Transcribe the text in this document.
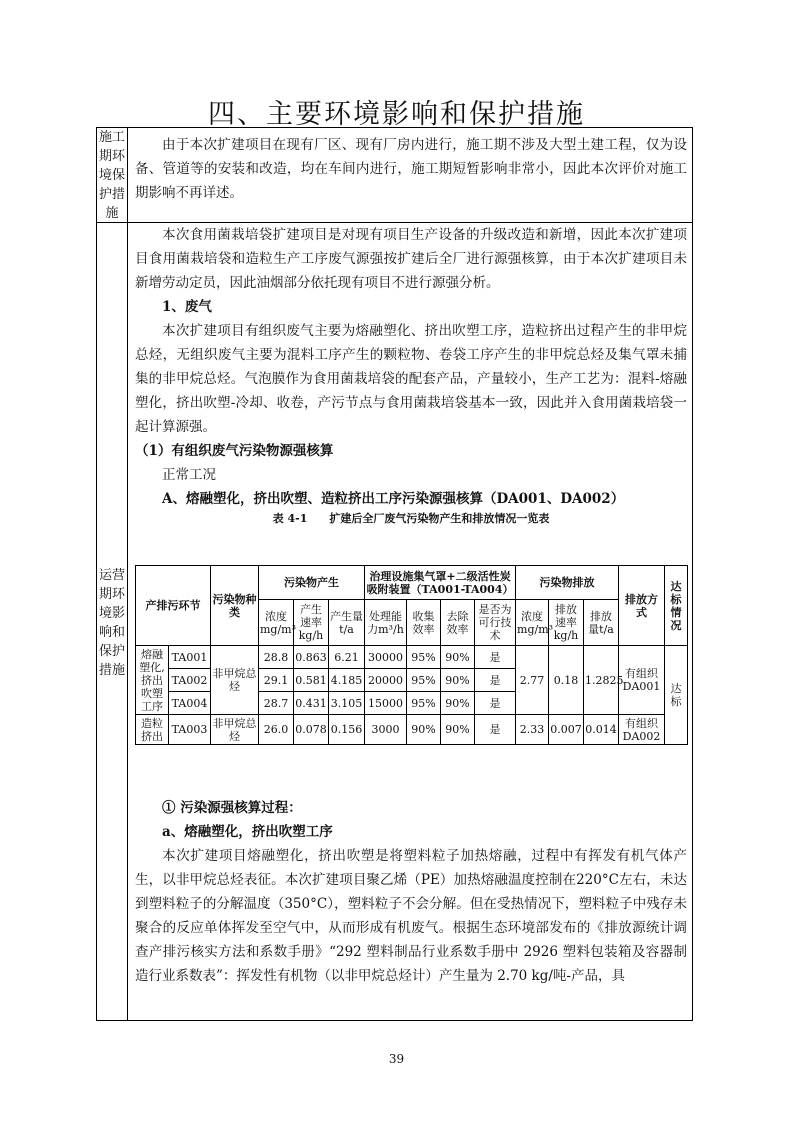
四、主要环境影响和保护措施
施工
期环
境保
护措
施

由于本次扩建项目在现有厂区、现有厂房内进行，施工期不涉及大型土建工程，仅为设备、管道等的安装和改造，均在车间内进行，施工期短暂影响非常小，因此本次评价对施工期影响不再详述。

运营
期环
境影
响和
保护
措施

本次食用菌栽培袋扩建项目是对现有项目生产设备的升级改造和新增，因此本次扩建项目食用菌栽培袋和造粒生产工序废气源强按扩建后全厂进行源强核算，由于本次扩建项目未新增劳动定员，因此油烟部分依托现有项目不进行源强分析。

1、废气

本次扩建项目有组织废气主要为熔融塑化、挤出吹塑工序，造粒挤出过程产生的非甲烷总烃，无组织废气主要为混料工序产生的颗粒物、卷袋工序产生的非甲烷总烃及集气罩未捕集的非甲烷总烃。气泡膜作为食用菌栽培袋的配套产品，产量较小，生产工艺为：混料-熔融塑化，挤出吹塑-冷却、收卷，产污节点与食用菌栽培袋基本一致，因此并入食用菌栽培袋一起计算源强。

（1）有组织废气污染物源强核算

正常工况

A、熔融塑化，挤出吹塑、造粒挤出工序污染源强核算（DA001、DA002）

表 4-1　　扩建后全厂废气污染物产生和排放情况一览表

产排污环节		污染物种类	污染物产生			治理设施集气罩+二级活性炭吸附装置（TA001-TA004）				污染物排放			排放方式	达标情况
			浓度mg/m³	产生速率kg/h	产生量 t/a	处理能力m³/h	收集效率	去除效率	是否为可行技术	浓度mg/m³	排放速率kg/h	排放量t/a		
熔融塑化,挤出吹塑工序	TA001	非甲烷总烃	28.8	0.863	6.21	30000	95%	90%	是	2.77	0.18	1.2825	有组织DA001	达标
	TA002		29.1	0.581	4.185	20000	95%	90%	是					
	TA004		28.7	0.431	3.105	15000	95%	90%	是					
造粒挤出	TA003	非甲烷总烃	26.0	0.078	0.156	3000	90%	90%	是	2.33	0.007	0.014	有组织DA002	

① 污染源强核算过程：

a、熔融塑化，挤出吹塑工序

本次扩建项目熔融塑化，挤出吹塑是将塑料粒子加热熔融，过程中有挥发有机气体产生，以非甲烷总烃表征。本次扩建项目聚乙烯（PE）加热熔融温度控制在220°C左右，未达到塑料粒子的分解温度（350°C），塑料粒子不会分解。但在受热情况下，塑料粒子中残存未聚合的反应单体挥发至空气中，从而形成有机废气。根据生态环境部发布的《排放源统计调查产排污核实方法和系数手册》“292 塑料制品行业系数手册中 2926 塑料包装箱及容器制造行业系数表”：挥发性有机物（以非甲烷总烃计）产生量为 2.70 kg/吨-产品，具

39
